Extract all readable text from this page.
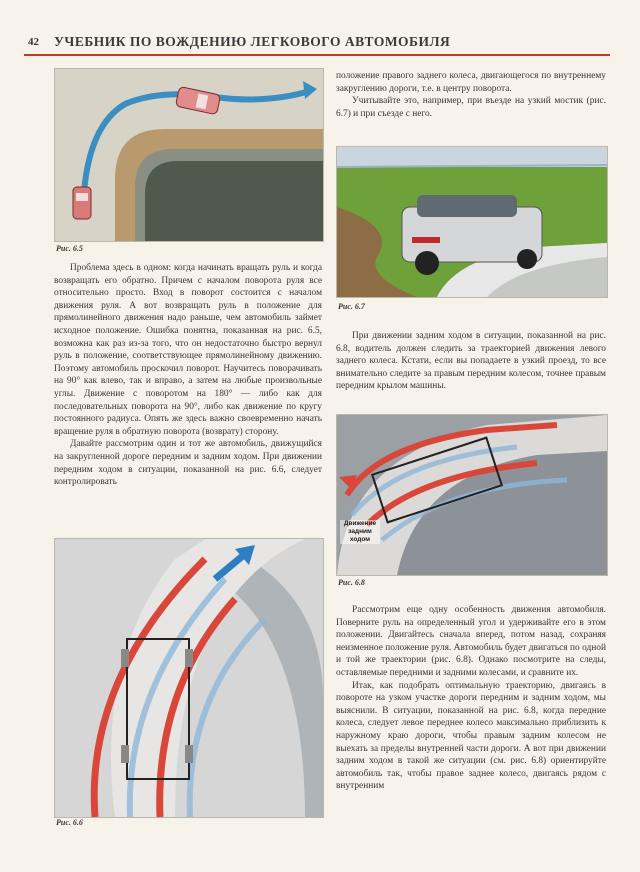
42 УЧЕБНИК ПО ВОЖДЕНИЮ ЛЕГКОВОГО АВТОМОБИЛЯ
Рис. 6.5

Проблема здесь в одном: когда начинать вращать руль и когда возвращать его обратно. Причем с началом поворота руля все относительно просто. Вход в поворот состоится с началом движения руля. А вот возвращать руль в положение для прямолинейного движения надо раньше, чем автомобиль займет исходное положение. Ошибка понятна, показанная на рис. 6.5, возможна как раз из-за того, что он недостаточно быстро вернул руль в положение, соответствующее прямолинейному движению. Поэтому автомобиль проскочил поворот. Научитесь поворачивать на 90° как влево, так и вправо, а затем на любые произвольные углы. Движение с поворотом на 180° — либо как для последовательных поворота на 90°, либо как движение по кругу постоянного радиуса. Опять же здесь важно своевременно начать вращение руля в обратную поворота (возврату) сторону.

Давайте рассмотрим один и тот же автомобиль, движущийся на закругленной дороге передним и задним ходом. При движении передним ходом в ситуации, показанной на рис. 6.6, следует контролировать

Рис. 6.6

положение правого заднего колеса, двигающегося по внутреннему закруглению дороги, т.е. в центру поворота.

Учитывайте это, например, при въезде на узкий мостик (рис. 6.7) и при съезде с него.

Рис. 6.7

При движении задним ходом в ситуации, показанной на рис. 6.8, водитель должен следить за траекторией движения левого заднего колеса. Кстати, если вы попадаете в узкий проезд, то все внимательно следите за правым передним колесом, точнее правым передним крылом машины.

Движение задним ходом
Рис. 6.8

Рассмотрим еще одну особенность движения автомобиля. Поверните руль на определенный угол и удерживайте его в этом положении. Двигайтесь сначала вперед, потом назад, сохраняя неизменное положение руля. Автомобиль будет двигаться по одной и той же траектории (рис. 6.8). Однако посмотрите на следы, оставляемые передними и задними колесами, и сравните их.

Итак, как подобрать оптимальную траекторию, двигаясь в повороте на узком участке дороги передним и задним ходом, мы выяснили. В ситуации, показанной на рис. 6.8, когда передние колеса, следует левое переднее колесо максимально приблизить к наружному краю дороги, чтобы правым задним колесом не выехать за пределы внутренней части дороги. А вот при движении задним ходом в такой же ситуации (см. рис. 6.8) ориентируйте автомобиль так, чтобы правое заднее колесо, двигаясь рядом с внутренним
